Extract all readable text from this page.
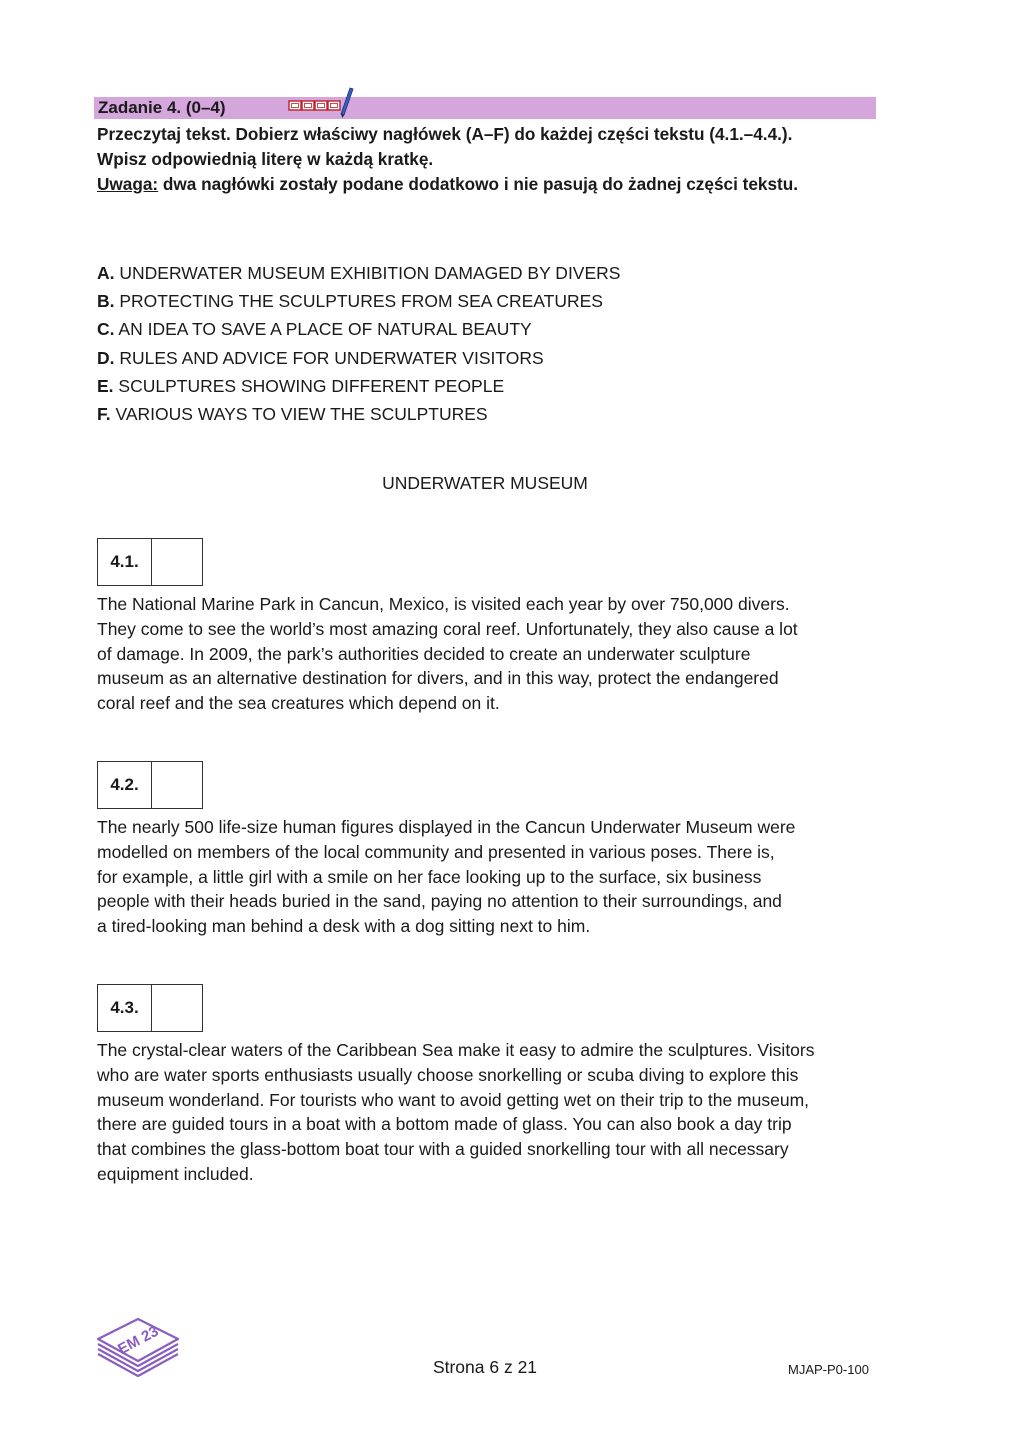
Zadanie 4. (0–4)
Przeczytaj tekst. Dobierz właściwy nagłówek (A–F) do każdej części tekstu (4.1.–4.4.).
Wpisz odpowiednią literę w każdą kratkę.
Uwaga: dwa nagłówki zostały podane dodatkowo i nie pasują do żadnej części tekstu.
A. UNDERWATER MUSEUM EXHIBITION DAMAGED BY DIVERS
B. PROTECTING THE SCULPTURES FROM SEA CREATURES
C. AN IDEA TO SAVE A PLACE OF NATURAL BEAUTY
D. RULES AND ADVICE FOR UNDERWATER VISITORS
E. SCULPTURES SHOWING DIFFERENT PEOPLE
F. VARIOUS WAYS TO VIEW THE SCULPTURES
UNDERWATER MUSEUM
4.1.
The National Marine Park in Cancun, Mexico, is visited each year by over 750,000 divers.
They come to see the world’s most amazing coral reef. Unfortunately, they also cause a lot
of damage. In 2009, the park’s authorities decided to create an underwater sculpture
museum as an alternative destination for divers, and in this way, protect the endangered
coral reef and the sea creatures which depend on it.
4.2.
The nearly 500 life-size human figures displayed in the Cancun Underwater Museum were
modelled on members of the local community and presented in various poses. There is,
for example, a little girl with a smile on her face looking up to the surface, six business
people with their heads buried in the sand, paying no attention to their surroundings, and
a tired-looking man behind a desk with a dog sitting next to him.
4.3.
The crystal-clear waters of the Caribbean Sea make it easy to admire the sculptures. Visitors
who are water sports enthusiasts usually choose snorkelling or scuba diving to explore this
museum wonderland. For tourists who want to avoid getting wet on their trip to the museum,
there are guided tours in a boat with a bottom made of glass. You can also book a day trip
that combines the glass-bottom boat tour with a guided snorkelling tour with all necessary
equipment included.
EM 23
Strona 6 z 21	MJAP-P0-100
